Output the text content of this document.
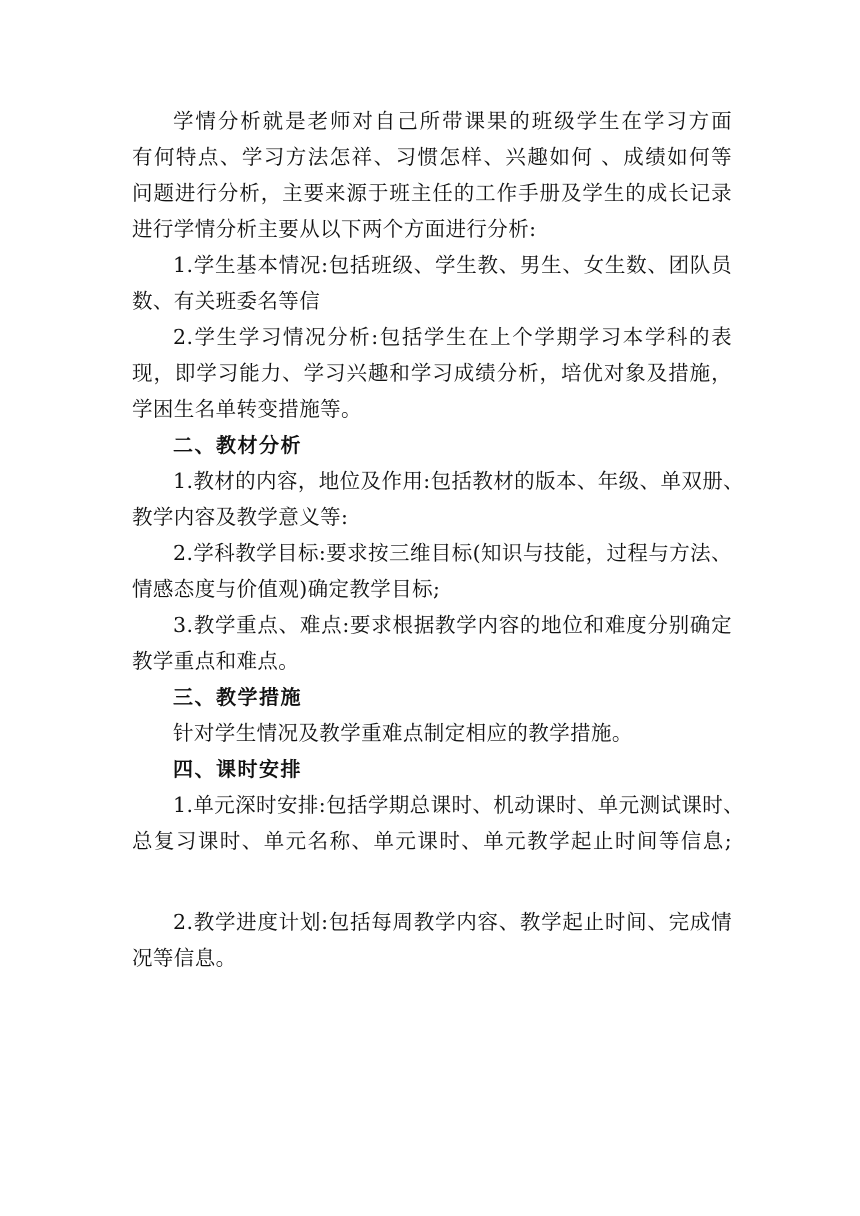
学情分析就是老师对自己所带课果的班级学生在学习方面
有何特点、学习方法怎祥、习惯怎样、兴趣如何 、成绩如何等
问题进行分析，主要来源于班主任的工作手册及学生的成长记录
进行学情分析主要从以下两个方面进行分析:
1.学生基本情况:包括班级、学生教、男生、女生数、团队员
数、有关班委名等信
2.学生学习情况分析:包括学生在上个学期学习本学科的表
现，即学习能力、学习兴趣和学习成绩分析，培优对象及措施，
学困生名单转变措施等。
二、教材分析
1.教材的内容，地位及作用:包括教材的版本、年级、单双册、
教学内容及教学意义等:
2.学科教学目标:要求按三维目标(知识与技能，过程与方法、
情感态度与价值观)确定教学目标;
3.教学重点、难点:要求根据教学内容的地位和难度分别确定
教学重点和难点。
三、教学措施
针对学生情况及教学重难点制定相应的教学措施。
四、课时安排
1.单元深时安排:包括学期总课时、机动课时、单元测试课时、
总复习课时、单元名称、单元课时、单元教学起止时间等信息;
2.教学进度计划:包括每周教学内容、教学起止时间、完成情
况等信息。
